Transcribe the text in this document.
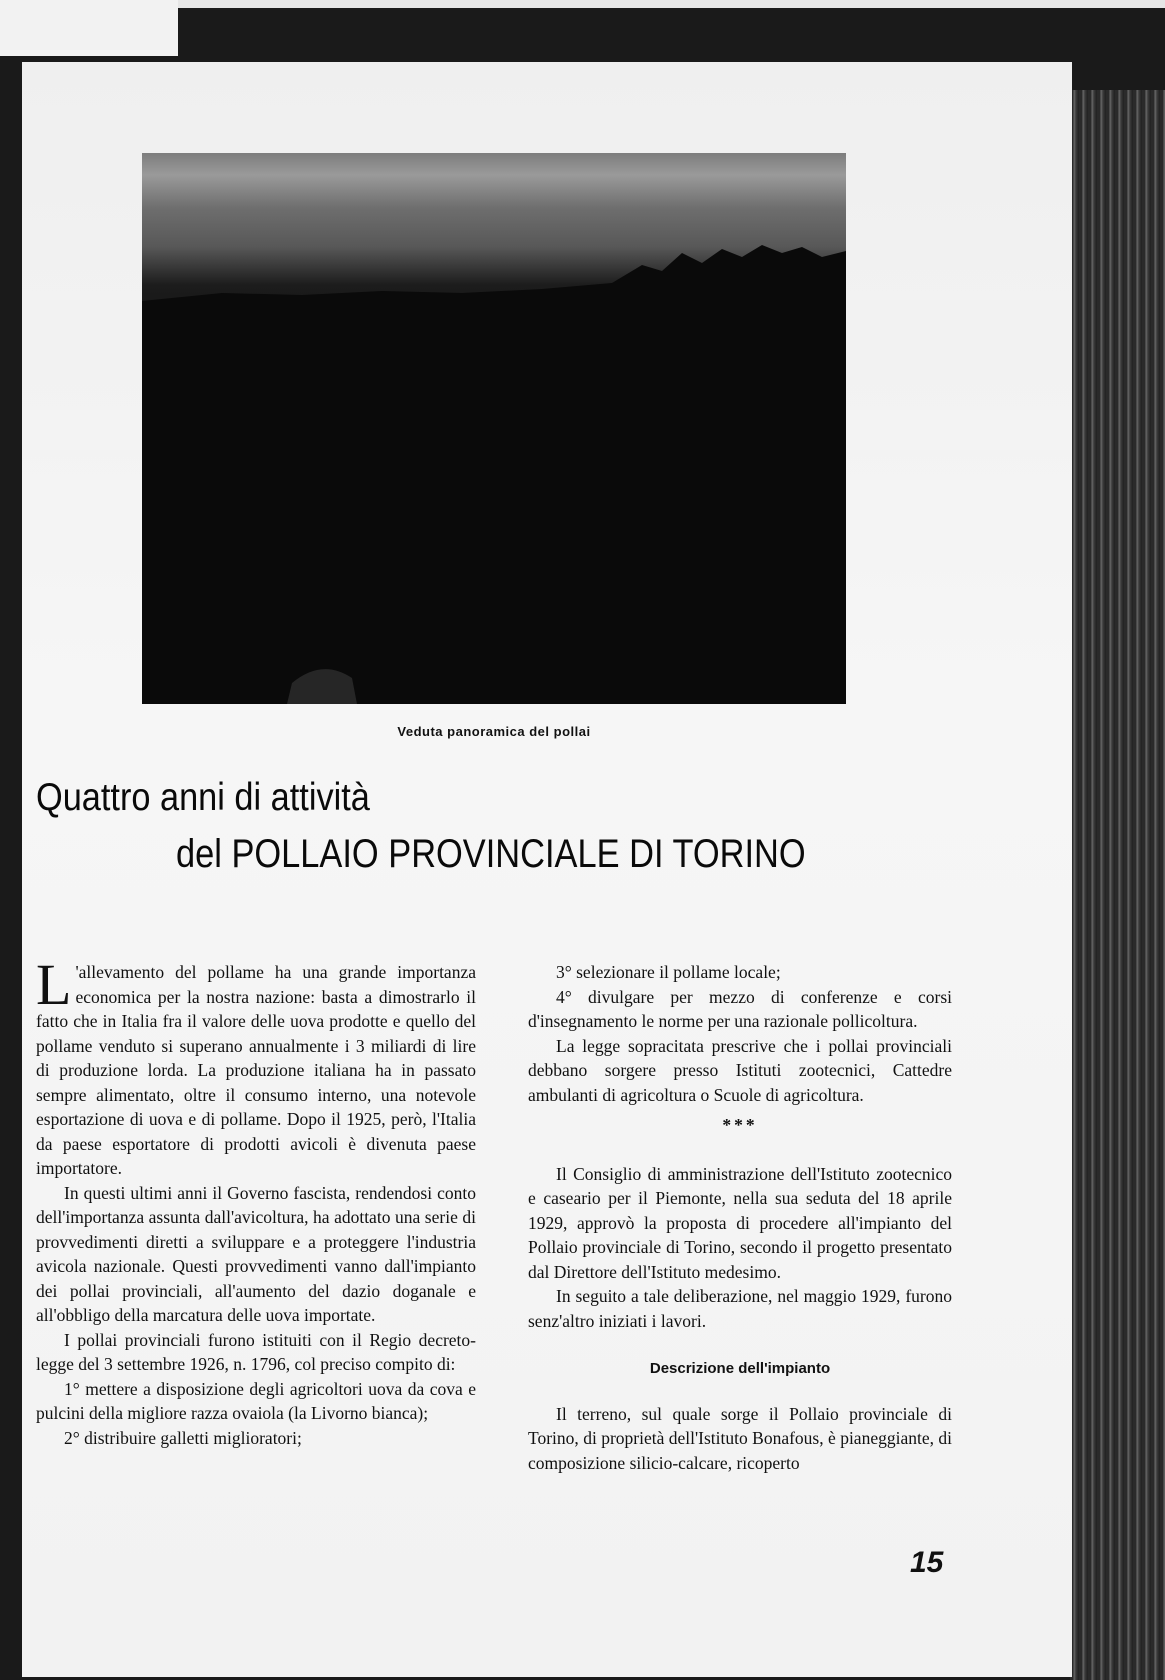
Veduta panoramica del pollai
Quattro anni di attività
del POLLAIO PROVINCIALE DI TORINO

L 'allevamento del pollame ha una grande importanza economica per la nostra nazione: basta a dimostrarlo il fatto che in Italia fra il valore delle uova prodotte e quello del pollame venduto si superano annualmente i 3 miliardi di lire di produzione lorda. La produzione italiana ha in passato sempre alimentato, oltre il consumo interno, una notevole esportazione di uova e di pollame. Dopo il 1925, però, l'Italia da paese esportatore di prodotti avicoli è divenuta paese importatore.

In questi ultimi anni il Governo fascista, rendendosi conto dell'importanza assunta dall'avicoltura, ha adottato una serie di provvedimenti diretti a sviluppare e a proteggere l'industria avicola nazionale. Questi provvedimenti vanno dall'impianto dei pollai provinciali, all'aumento del dazio doganale e all'obbligo della marcatura delle uova importate.

I pollai provinciali furono istituiti con il Regio decreto-legge del 3 settembre 1926, n. 1796, col preciso compito di:

1° mettere a disposizione degli agricoltori uova da cova e pulcini della migliore razza ovaiola (la Livorno bianca);

2° distribuire galletti miglioratori;

3° selezionare il pollame locale;

4° divulgare per mezzo di conferenze e corsi d'insegnamento le norme per una razionale pollicoltura.

La legge sopracitata prescrive che i pollai provinciali debbano sorgere presso Istituti zootecnici, Cattedre ambulanti di agricoltura o Scuole di agricoltura.

***

Il Consiglio di amministrazione dell'Istituto zootecnico e caseario per il Piemonte, nella sua seduta del 18 aprile 1929, approvò la proposta di procedere all'impianto del Pollaio provinciale di Torino, secondo il progetto presentato dal Direttore dell'Istituto medesimo.

In seguito a tale deliberazione, nel maggio 1929, furono senz'altro iniziati i lavori.

Descrizione dell'impianto

Il terreno, sul quale sorge il Pollaio provinciale di Torino, di proprietà dell'Istituto Bonafous, è pianeggiante, di composizione silicio-calcare, ricoperto

15
